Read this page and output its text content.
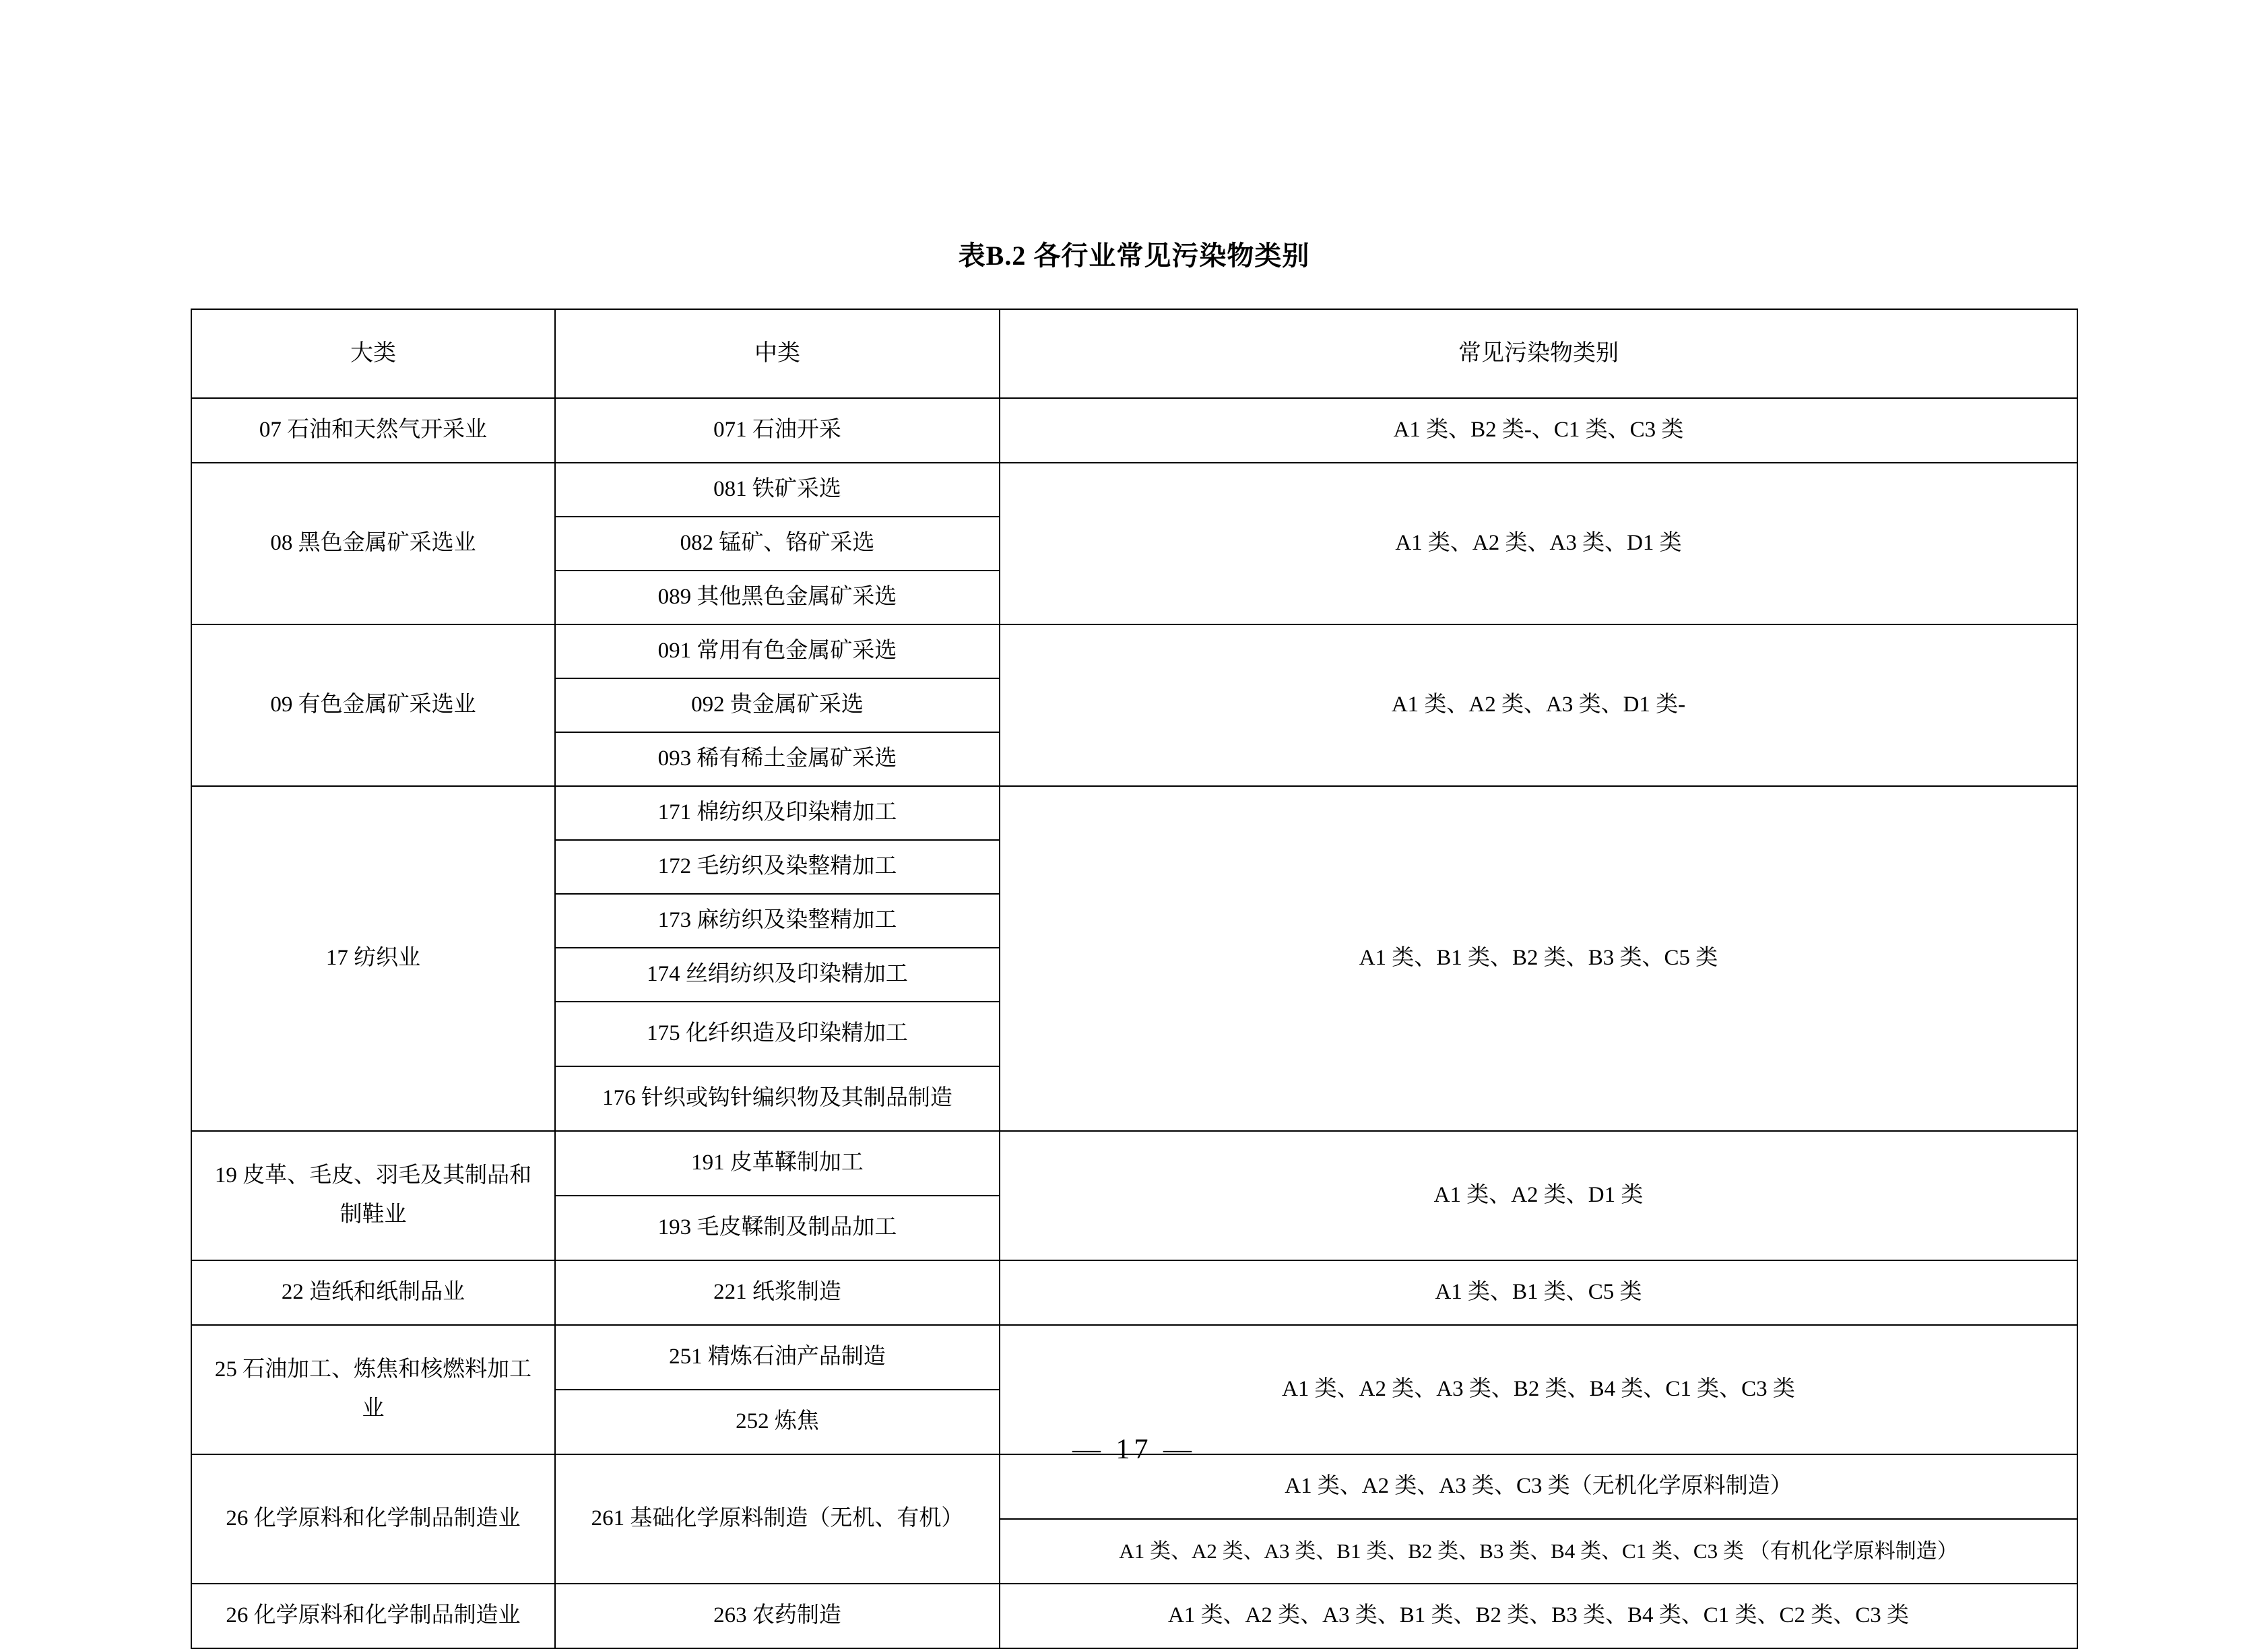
表B.2 各行业常见污染物类别
大类	中类	常见污染物类别
07 石油和天然气开采业	071 石油开采	A1 类、B2 类-、C1 类、C3 类
08 黑色金属矿采选业	081 铁矿采选	A1 类、A2 类、A3 类、D1 类
	082 锰矿、铬矿采选	
	089 其他黑色金属矿采选	
09 有色金属矿采选业	091 常用有色金属矿采选	A1 类、A2 类、A3 类、D1 类-
	092 贵金属矿采选	
	093 稀有稀土金属矿采选	
17 纺织业	171 棉纺织及印染精加工	A1 类、B1 类、B2 类、B3 类、C5 类
	172 毛纺织及染整精加工	
	173 麻纺织及染整精加工	
	174 丝绢纺织及印染精加工	
	175 化纤织造及印染精加工	
	176 针织或钩针编织物及其制品制造	
19 皮革、毛皮、羽毛及其制品和
制鞋业	191 皮革鞣制加工	A1 类、A2 类、D1 类
	193 毛皮鞣制及制品加工	
22 造纸和纸制品业	221 纸浆制造	A1 类、B1 类、C5 类
25 石油加工、炼焦和核燃料加工
业	251 精炼石油产品制造	A1 类、A2 类、A3 类、B2 类、B4 类、C1 类、C3 类
	252 炼焦	
26 化学原料和化学制品制造业	261 基础化学原料制造（无机、有机）	A1 类、A2 类、A3 类、C3 类（无机化学原料制造）
		A1 类、A2 类、A3 类、B1 类、B2 类、B3 类、B4 类、C1 类、C3 类 （有机化学原料制造）
26 化学原料和化学制品制造业	263 农药制造	A1 类、A2 类、A3 类、B1 类、B2 类、B3 类、B4 类、C1 类、C2 类、C3 类
— 17 —
